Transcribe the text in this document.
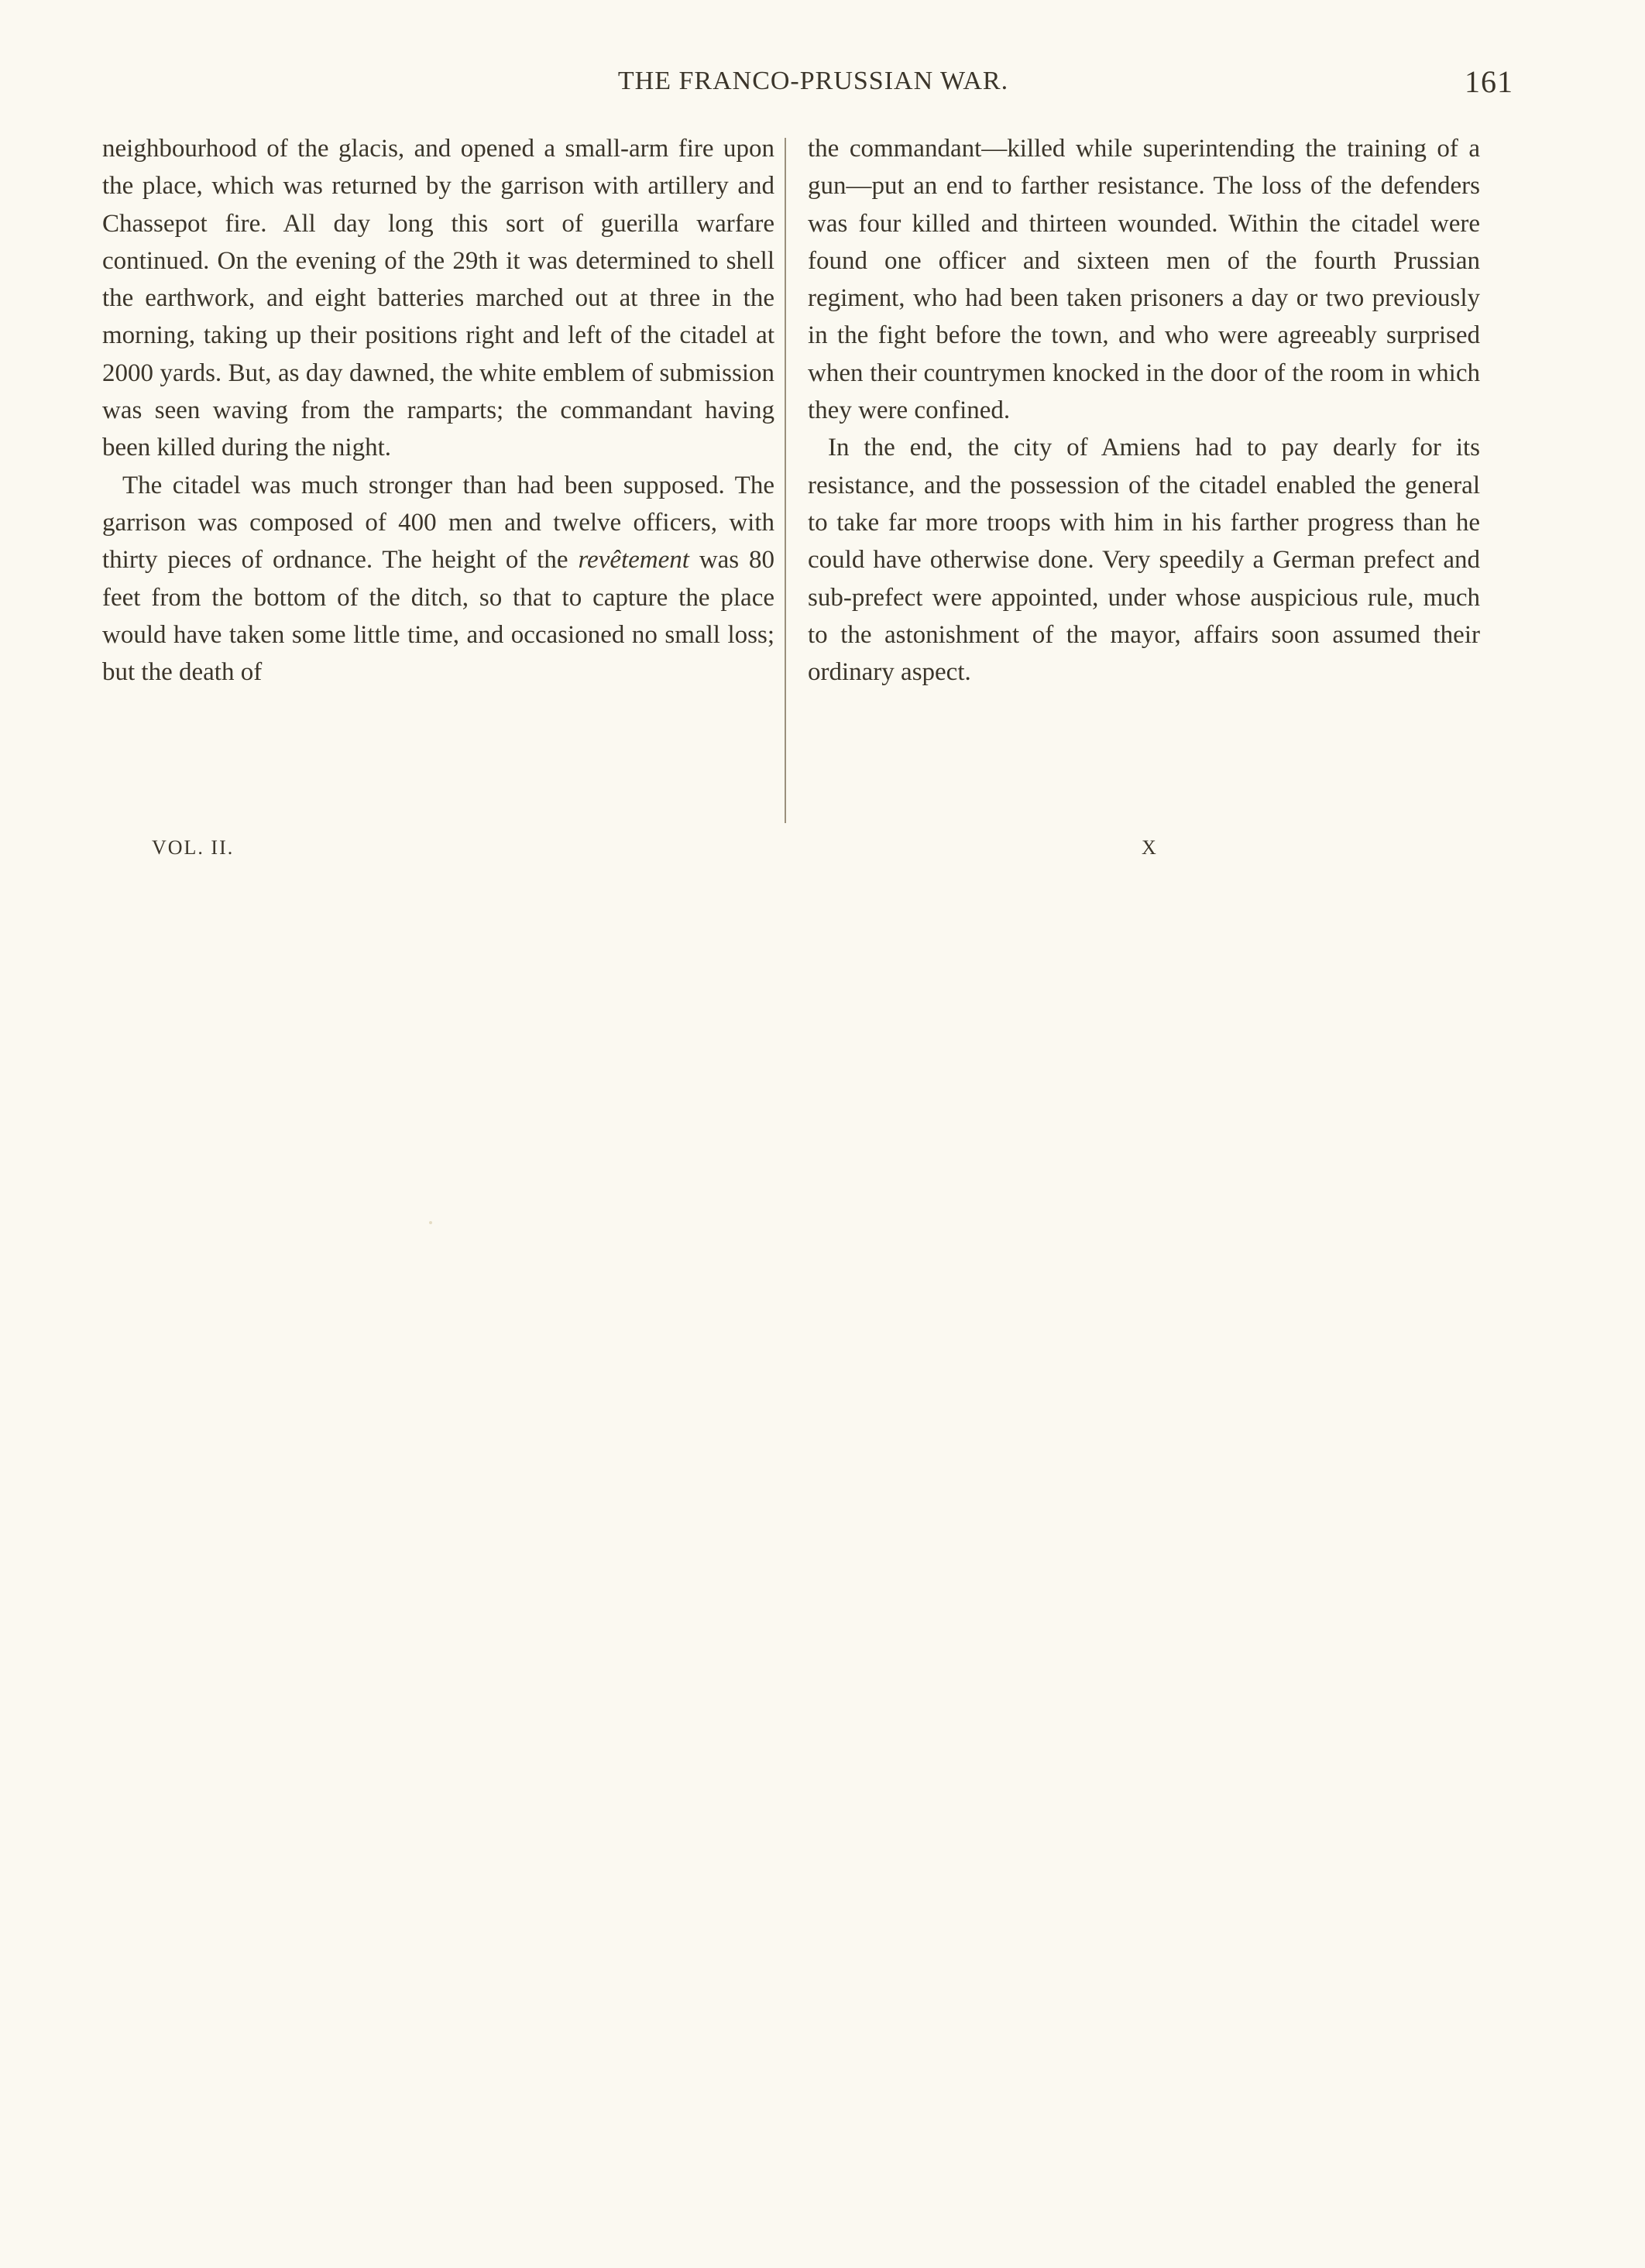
THE FRANCO-PRUSSIAN WAR.	161

neighbourhood of the glacis, and opened a small-arm fire upon the place, which was returned by the garrison with artillery and Chassepot fire. All day long this sort of guerilla warfare continued. On the evening of the 29th it was determined to shell the earthwork, and eight batteries marched out at three in the morning, taking up their positions right and left of the citadel at 2000 yards. But, as day dawned, the white emblem of submission was seen waving from the ramparts; the commandant having been killed during the night.

The citadel was much stronger than had been supposed. The garrison was composed of 400 men and twelve officers, with thirty pieces of ordnance. The height of the revêtement was 80 feet from the bottom of the ditch, so that to capture the place would have taken some little time, and occasioned no small loss; but the death of

the commandant—killed while superintending the training of a gun—put an end to farther resistance. The loss of the defenders was four killed and thirteen wounded. Within the citadel were found one officer and sixteen men of the fourth Prussian regiment, who had been taken prisoners a day or two previously in the fight before the town, and who were agreeably surprised when their countrymen knocked in the door of the room in which they were confined.

In the end, the city of Amiens had to pay dearly for its resistance, and the possession of the citadel enabled the general to take far more troops with him in his farther progress than he could have otherwise done. Very speedily a German prefect and sub-prefect were appointed, under whose auspicious rule, much to the astonishment of the mayor, affairs soon assumed their ordinary aspect.

VOL. II.	X
